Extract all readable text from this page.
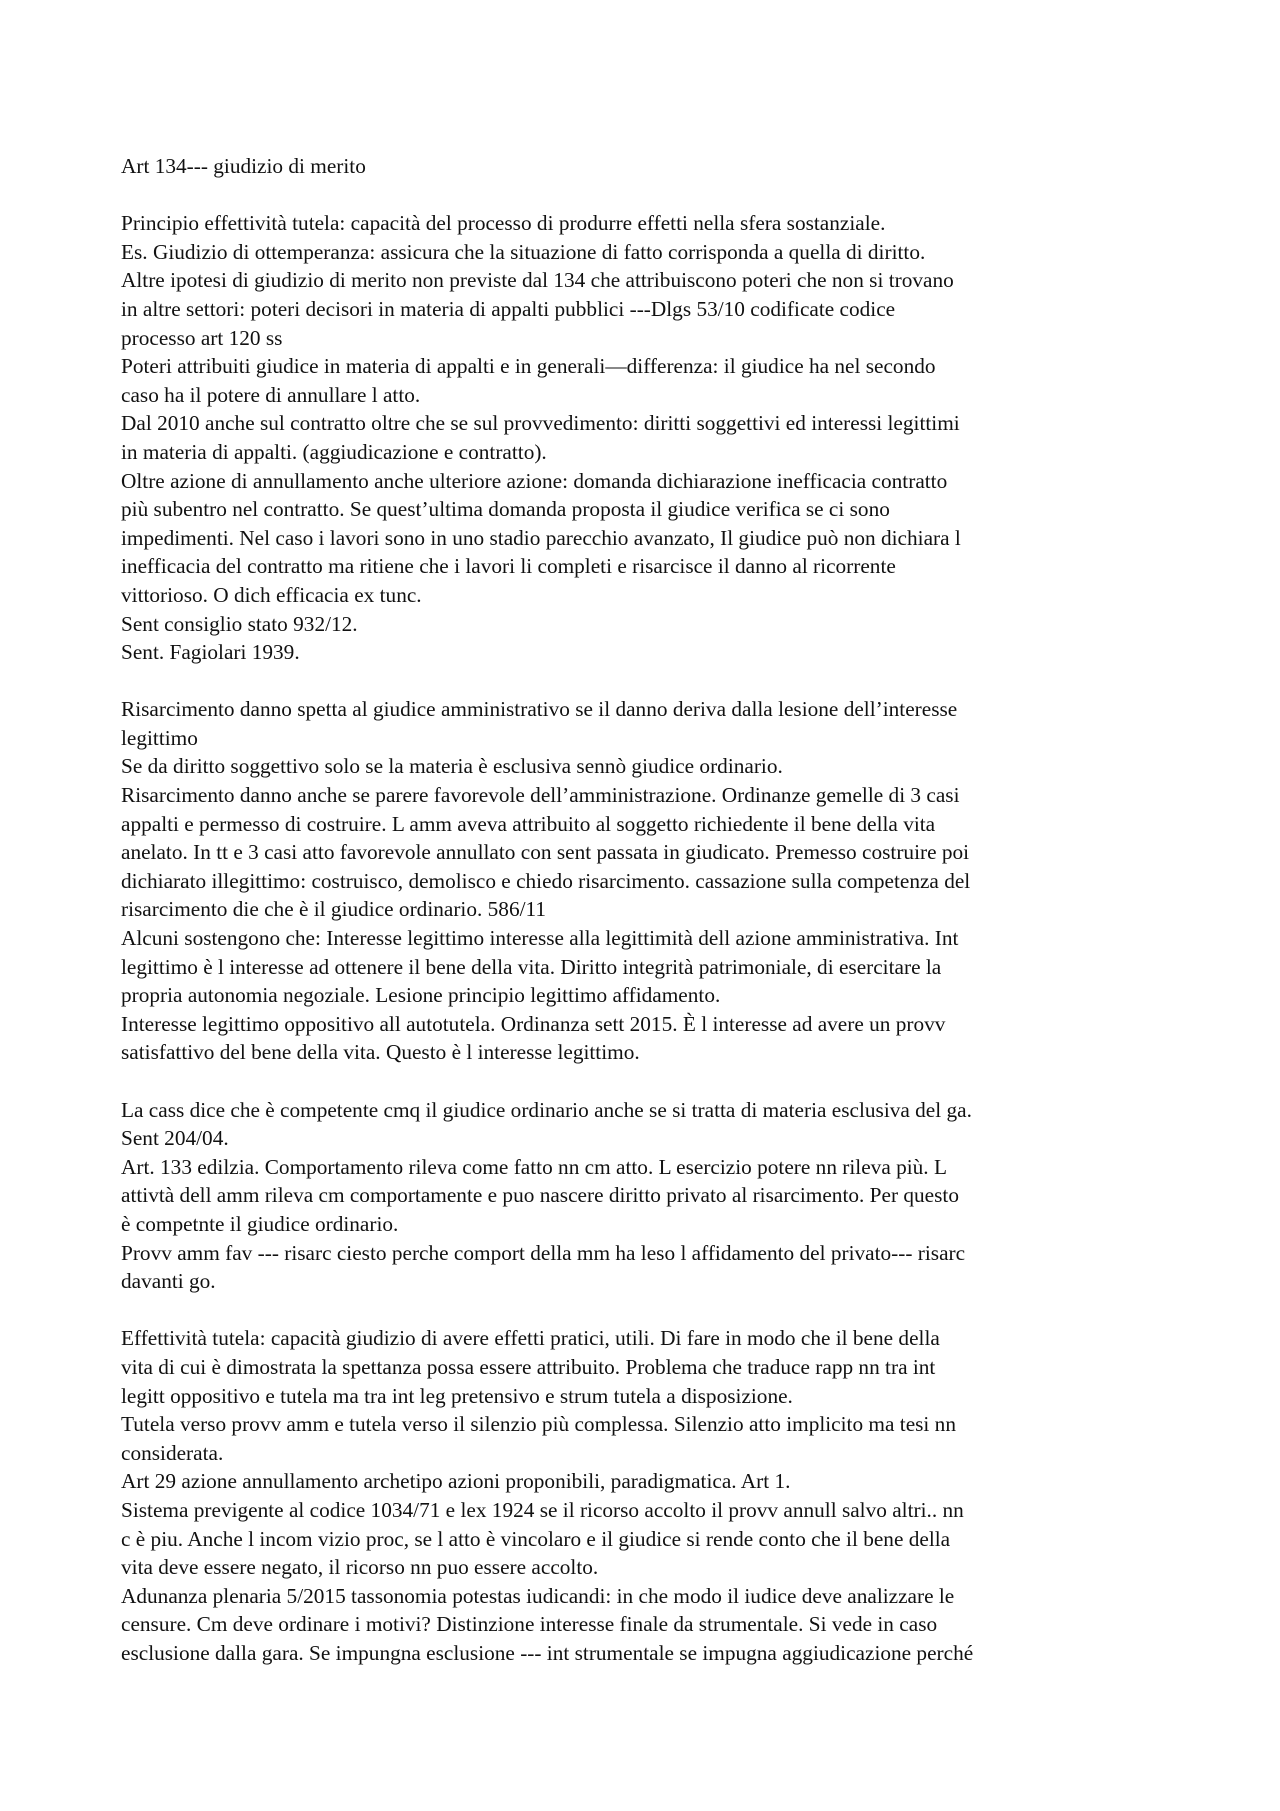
Art 134--- giudizio di merito
Principio effettività tutela: capacità del processo di produrre effetti nella sfera sostanziale.
Es. Giudizio di ottemperanza: assicura che la situazione di fatto corrisponda a quella di diritto.
Altre ipotesi di giudizio di merito non previste dal 134 che attribuiscono poteri che non si trovano
in altre settori: poteri decisori in materia di appalti pubblici ---Dlgs 53/10 codificate codice
processo art 120 ss
Poteri attribuiti giudice in materia di appalti e in generali—differenza: il giudice ha nel secondo
caso ha il potere di annullare l atto.
Dal 2010 anche sul contratto oltre che se sul provvedimento: diritti soggettivi ed interessi legittimi
in materia di appalti. (aggiudicazione e contratto).
Oltre azione di annullamento anche ulteriore azione: domanda dichiarazione inefficacia contratto
più subentro nel contratto. Se quest’ultima domanda proposta il giudice verifica se ci sono
impedimenti. Nel caso i lavori sono in uno stadio parecchio avanzato, Il giudice può non dichiara l
inefficacia del contratto ma ritiene che i lavori li completi e risarcisce il danno al ricorrente
vittorioso. O dich efficacia ex tunc.
Sent consiglio stato 932/12.
Sent. Fagiolari 1939.
Risarcimento danno spetta al giudice amministrativo se il danno deriva dalla lesione dell’interesse
legittimo
Se da diritto soggettivo solo se la materia è esclusiva sennò giudice ordinario.
Risarcimento danno anche se parere favorevole dell’amministrazione. Ordinanze gemelle di 3 casi
appalti e permesso di costruire. L amm aveva attribuito al soggetto richiedente il bene della vita
anelato. In tt e 3 casi atto favorevole annullato con sent passata in giudicato. Premesso costruire poi
dichiarato illegittimo: costruisco, demolisco e chiedo risarcimento. cassazione sulla competenza del
risarcimento die che è il giudice ordinario. 586/11
Alcuni sostengono che: Interesse legittimo interesse alla legittimità dell azione amministrativa. Int
legittimo è l interesse ad ottenere il bene della vita. Diritto integrità patrimoniale, di esercitare la
propria autonomia negoziale. Lesione principio legittimo affidamento.
Interesse legittimo oppositivo all autotutela. Ordinanza sett 2015. È l interesse ad avere un provv
satisfattivo del bene della vita. Questo è l interesse legittimo.
La cass dice che è competente cmq il giudice ordinario anche se si tratta di materia esclusiva del ga.
Sent 204/04.
Art. 133 edilzia. Comportamento rileva come fatto nn cm atto. L esercizio potere nn rileva più. L
attivtà dell amm rileva cm comportamente e puo nascere diritto privato al risarcimento. Per questo
è competnte il giudice ordinario.
Provv amm fav --- risarc ciesto perche comport della mm ha leso l affidamento del privato--- risarc
davanti go.
Effettività tutela: capacità giudizio di avere effetti pratici, utili. Di fare in modo che il bene della
vita di cui è dimostrata la spettanza possa essere attribuito. Problema che traduce rapp nn tra int
legitt oppositivo e tutela ma tra int leg pretensivo e strum tutela a disposizione.
Tutela verso provv amm e tutela verso il silenzio più complessa. Silenzio atto implicito ma tesi nn
considerata.
Art 29 azione annullamento archetipo azioni proponibili, paradigmatica. Art 1.
Sistema previgente al codice 1034/71 e lex 1924 se il ricorso accolto il provv annull salvo altri.. nn
c è piu. Anche l incom vizio proc, se l atto è vincolaro e il giudice si rende conto che il bene della
vita deve essere negato, il ricorso nn puo essere accolto.
Adunanza plenaria 5/2015 tassonomia potestas iudicandi: in che modo il iudice deve analizzare le
censure. Cm deve ordinare i motivi? Distinzione interesse finale da strumentale. Si vede in caso
esclusione dalla gara. Se impungna esclusione --- int strumentale se impugna aggiudicazione perché
